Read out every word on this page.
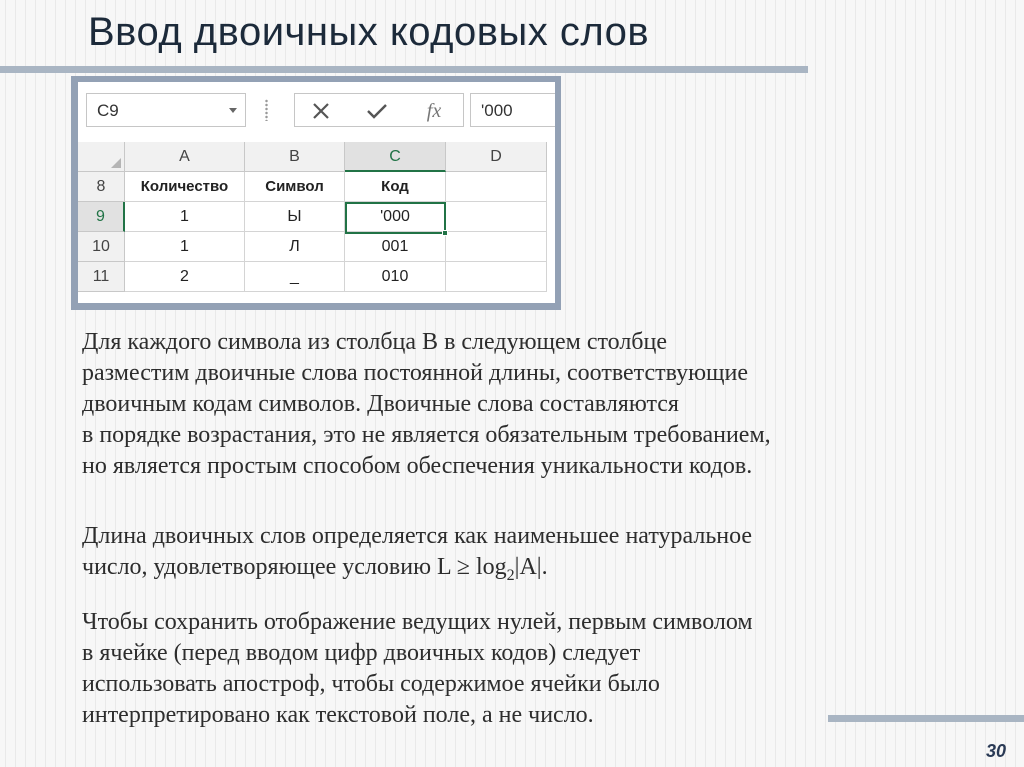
Ввод двоичных кодовых слов
C9	fx	'000
A	B	C	D
8	Количество	Символ	Код
9	1	Ы	'000
10	1	Л	001
11	2	_	010
Для каждого символа из столбца B в следующем столбце
разместим двоичные слова постоянной длины, соответствующие
двоичным кодам символов. Двоичные слова составляются
в порядке возрастания, это не является обязательным требованием,
но является простым способом обеспечения уникальности кодов.
Длина двоичных слов определяется как наименьшее натуральное
число, удовлетворяющее условию $L \ge \log_2|A|$.
Чтобы сохранить отображение ведущих нулей, первым символом
в ячейке (перед вводом цифр двоичных кодов) следует
использовать апостроф, чтобы содержимое ячейки было
интерпретировано как текстовой поле, а не число.
30
